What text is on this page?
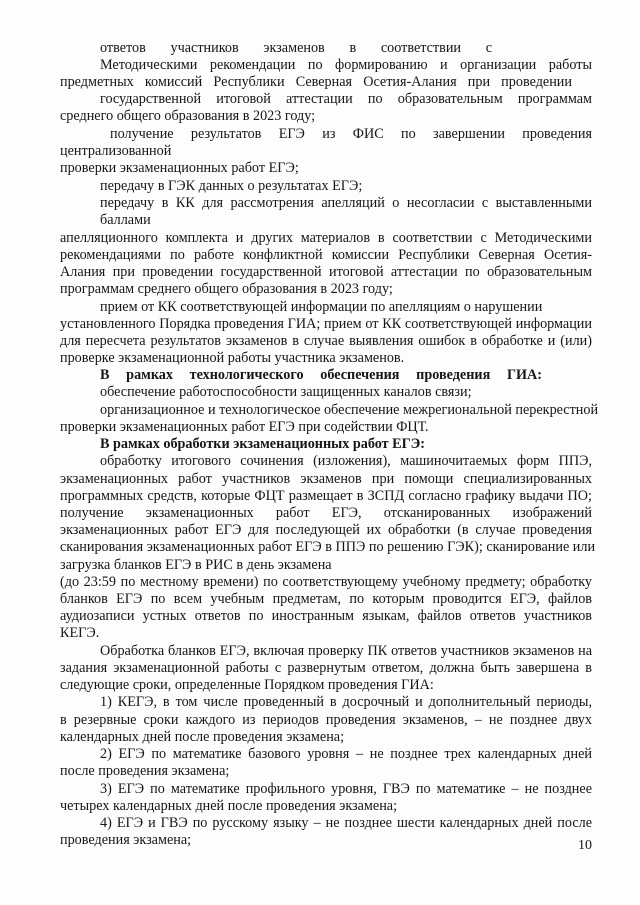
ответов участников экзаменов в соответствии с
Методическими рекомендации по формированию и организации работы
предметных комиссий Республики Северная Осетия-Алания при проведении
государственной итоговой аттестации по образовательным программам
среднего общего образования в 2023 году;
получение результатов ЕГЭ из ФИС по завершении проведения
централизованной
проверки экзаменационных работ ЕГЭ;
передачу в ГЭК данных о результатах ЕГЭ;
передачу в КК для рассмотрения апелляций о несогласии с выставленными
баллами
апелляционного комплекта и других материалов в соответствии с Методическими
рекомендациями по работе конфликтной комиссии Республики Северная Осетия-
Алания при проведении государственной итоговой аттестации по образовательным
программам среднего общего образования в 2023 году;
прием от КК соответствующей информации по апелляциям о нарушении
установленного Порядка проведения ГИА; прием от КК соответствующей информации
для пересчета результатов экзаменов в случае выявления ошибок в обработке и (или)
проверке экзаменационной работы участника экзаменов.
В рамках технологического обеспечения проведения ГИА:
обеспечение работоспособности защищенных каналов связи;
организационное и технологическое обеспечение межрегиональной перекрестной
проверки экзаменационных работ ЕГЭ при содействии ФЦТ.
В рамках обработки экзаменационных работ ЕГЭ:
обработку итогового сочинения (изложения), машиночитаемых форм ППЭ,
экзаменационных работ участников экзаменов при помощи специализированных
программных средств, которые ФЦТ размещает в ЗСПД согласно графику выдачи ПО;
получение экзаменационных работ ЕГЭ, отсканированных изображений
экзаменационных работ ЕГЭ для последующей их обработки (в случае проведения
сканирования экзаменационных работ ЕГЭ в ППЭ по решению ГЭК); сканирование или
загрузка бланков ЕГЭ в РИС в день экзамена
(до 23:59 по местному времени) по соответствующему учебному предмету; обработку
бланков ЕГЭ по всем учебным предметам, по которым проводится ЕГЭ, файлов
аудиозаписи устных ответов по иностранным языкам, файлов ответов участников
КЕГЭ.
Обработка бланков ЕГЭ, включая проверку ПК ответов участников экзаменов на
задания экзаменационной работы с развернутым ответом, должна быть завершена в
следующие сроки, определенные Порядком проведения ГИА:
1) КЕГЭ, в том числе проведенный в досрочный и дополнительный периоды,
в резервные сроки каждого из периодов проведения экзаменов, – не позднее двух
календарных дней после проведения экзамена;
2) ЕГЭ по математике базового уровня – не позднее трех календарных дней
после проведения экзамена;
3) ЕГЭ по математике профильного уровня, ГВЭ по математике – не позднее
четырех календарных дней после проведения экзамена;
4) ЕГЭ и ГВЭ по русскому языку – не позднее шести календарных дней после
проведения экзамена;	10
